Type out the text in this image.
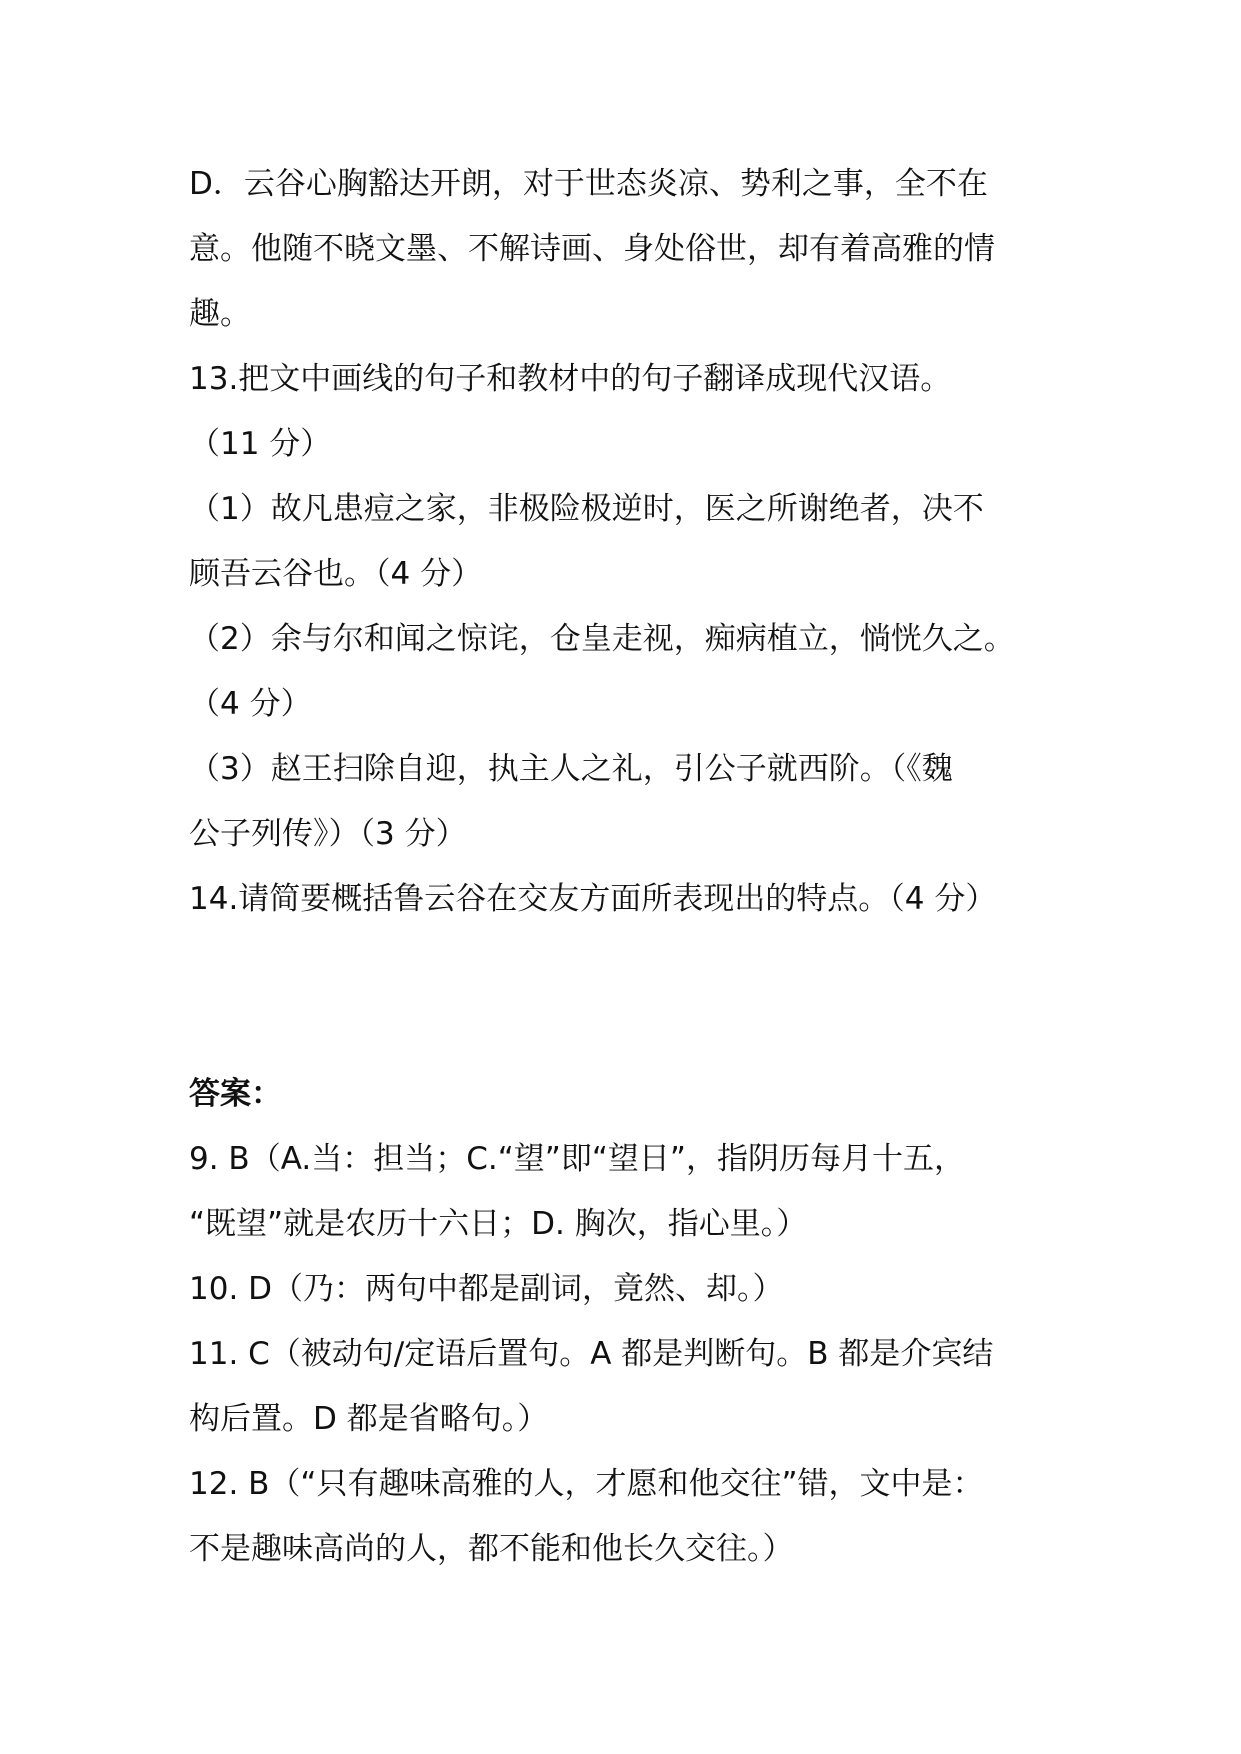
D．云谷心胸豁达开朗，对于世态炎凉、势利之事，全不在
意。他随不晓文墨、不解诗画、身处俗世，却有着高雅的情
趣。
13.把文中画线的句子和教材中的句子翻译成现代汉语。
（11 分）
（1）故凡患痘之家，非极险极逆时，医之所谢绝者，决不
顾吾云谷也。（4 分）
（2）余与尔和闻之惊诧，仓皇走视，痴病植立，惝恍久之。
（4 分）
（3）赵王扫除自迎，执主人之礼，引公子就西阶。（《魏
公子列传》）（3 分）
14.请简要概括鲁云谷在交友方面所表现出的特点。（4 分）
答案：
9. B（A.当：担当；C.“望”即“望日”，指阴历每月十五，
“既望”就是农历十六日；D. 胸次，指心里。）
10. D（乃：两句中都是副词，竟然、却。）
11. C（被动句/定语后置句。A 都是判断句。B 都是介宾结
构后置。D 都是省略句。）
12. B（“只有趣味高雅的人，才愿和他交往”错，文中是：
不是趣味高尚的人，都不能和他长久交往。）
